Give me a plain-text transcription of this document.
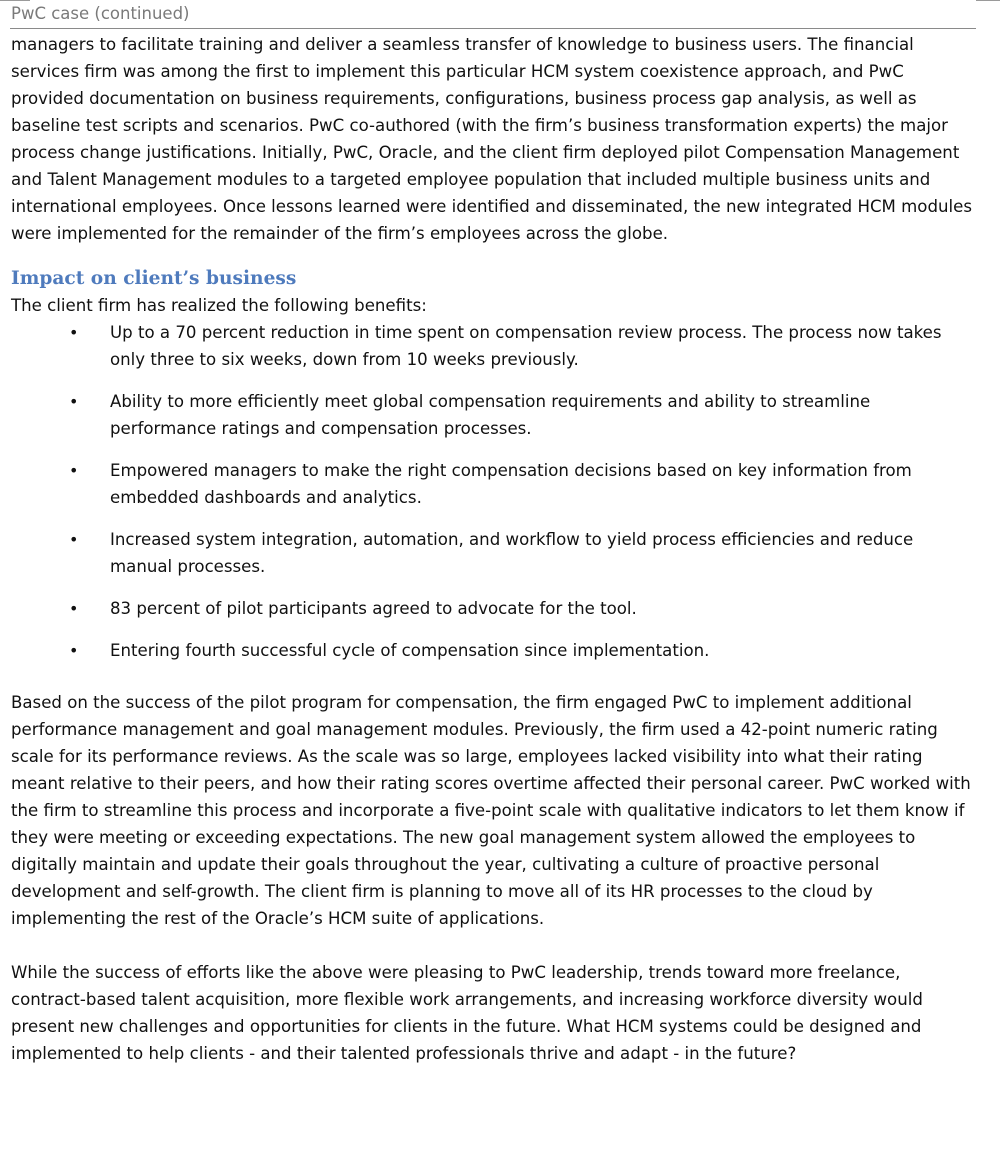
PwC case (continued)

managers to facilitate training and deliver a seamless transfer of knowledge to business users. The financial services firm was among the first to implement this particular HCM system coexistence approach, and PwC provided documentation on business requirements, configurations, business process gap analysis, as well as baseline test scripts and scenarios. PwC co-authored (with the firm’s business transformation experts) the major process change justifications. Initially, PwC, Oracle, and the client firm deployed pilot Compensation Management and Talent Management modules to a targeted employee population that included multiple business units and international employees. Once lessons learned were identified and disseminated, the new integrated HCM modules were implemented for the remainder of the firm’s employees across the globe.

Impact on client’s business

The client firm has realized the following benefits:

• Up to a 70 percent reduction in time spent on compensation review process. The process now takes only three to six weeks, down from 10 weeks previously.
• Ability to more efficiently meet global compensation requirements and ability to streamline performance ratings and compensation processes.
• Empowered managers to make the right compensation decisions based on key information from embedded dashboards and analytics.
• Increased system integration, automation, and workflow to yield process efficiencies and reduce manual processes.
• 83 percent of pilot participants agreed to advocate for the tool.
• Entering fourth successful cycle of compensation since implementation.

Based on the success of the pilot program for compensation, the firm engaged PwC to implement additional performance management and goal management modules. Previously, the firm used a 42-point numeric rating scale for its performance reviews. As the scale was so large, employees lacked visibility into what their rating meant relative to their peers, and how their rating scores overtime affected their personal career. PwC worked with the firm to streamline this process and incorporate a five-point scale with qualitative indicators to let them know if they were meeting or exceeding expectations. The new goal management system allowed the employees to digitally maintain and update their goals throughout the year, cultivating a culture of proactive personal development and self-growth. The client firm is planning to move all of its HR processes to the cloud by implementing the rest of the Oracle’s HCM suite of applications.

While the success of efforts like the above were pleasing to PwC leadership, trends toward more freelance, contract-based talent acquisition, more flexible work arrangements, and increasing workforce diversity would present new challenges and opportunities for clients in the future. What HCM systems could be designed and implemented to help clients - and their talented professionals thrive and adapt - in the future?
